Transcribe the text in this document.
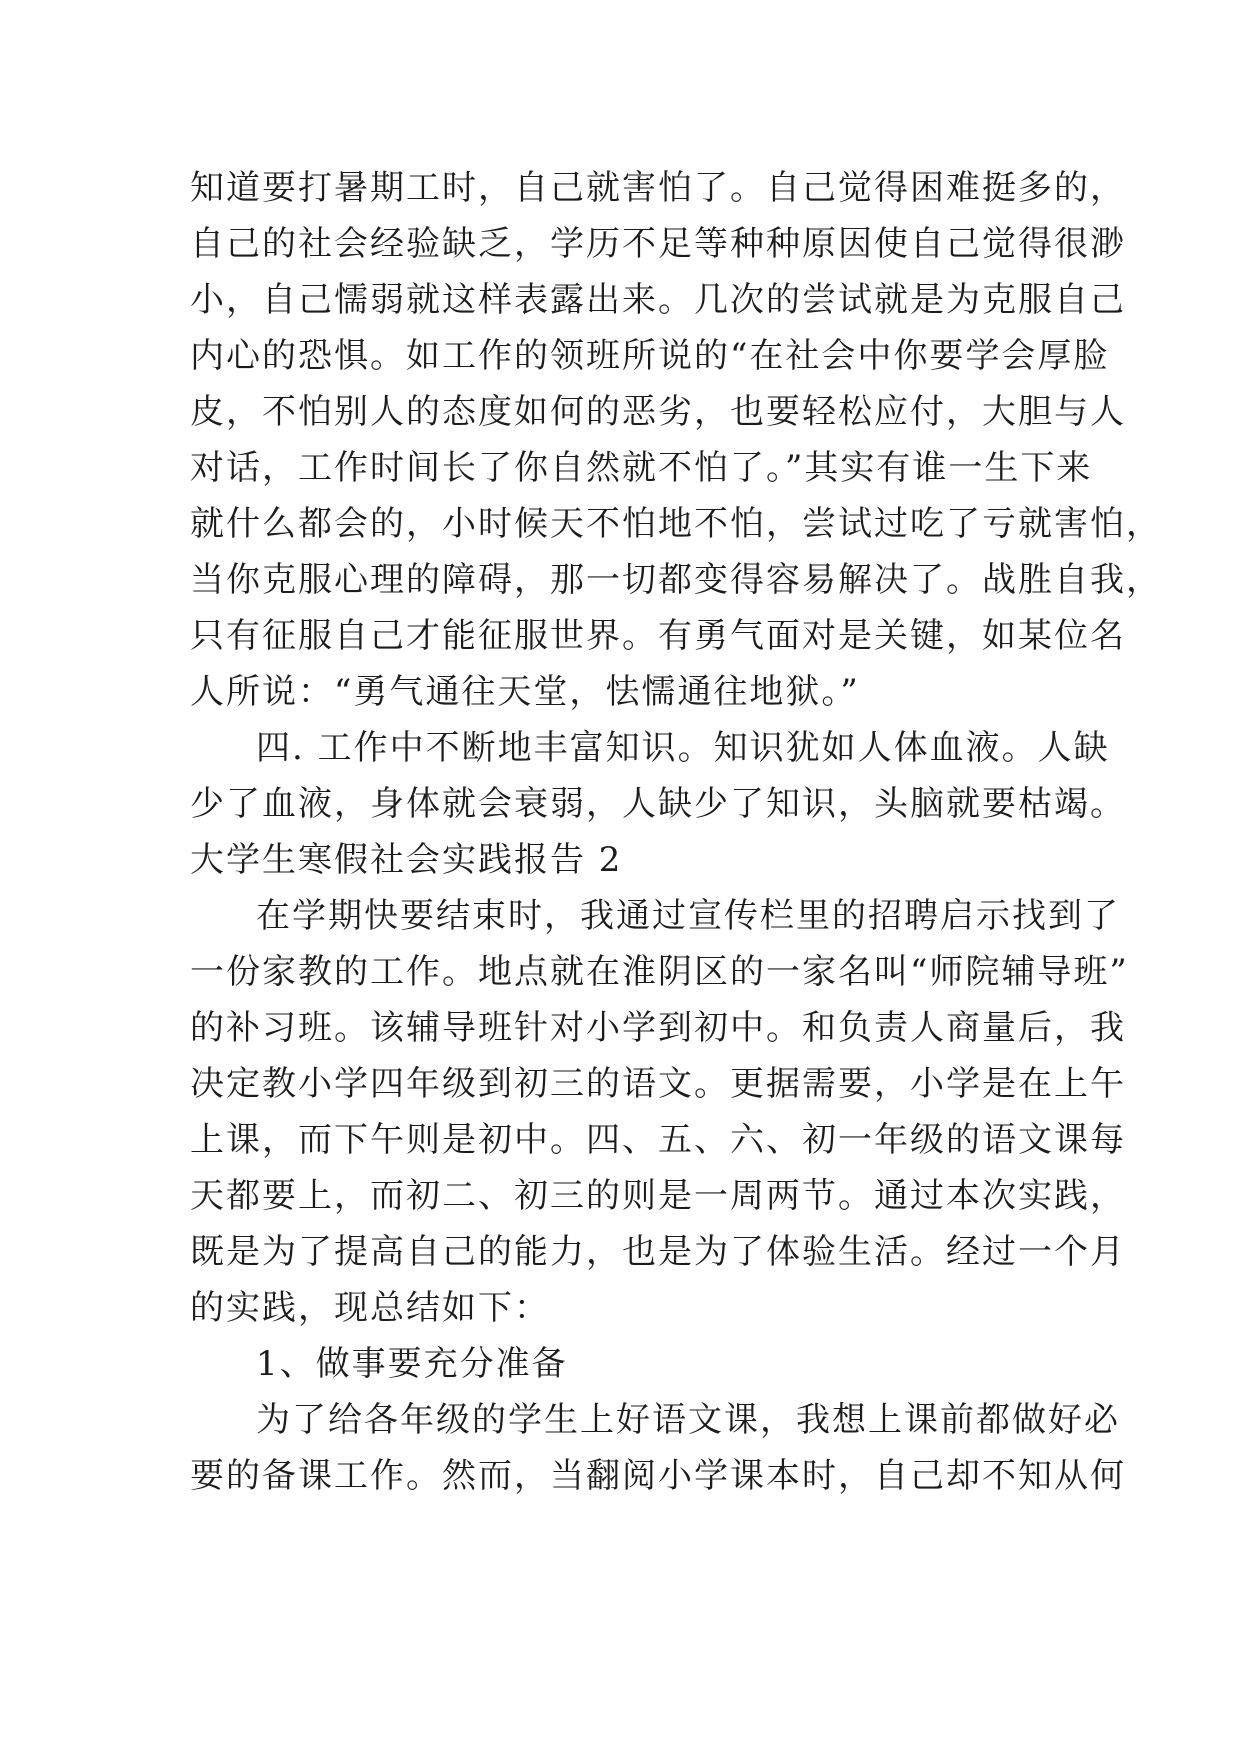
知道要打暑期工时，自己就害怕了。自己觉得困难挺多的，

自己的社会经验缺乏，学历不足等种种原因使自己觉得很渺

小，自己懦弱就这样表露出来。几次的尝试就是为克服自己

内心的恐惧。如工作的领班所说的“在社会中你要学会厚脸

皮，不怕别人的态度如何的恶劣，也要轻松应付，大胆与人

对话，工作时间长了你自然就不怕了。”其实有谁一生下来

就什么都会的，小时候天不怕地不怕，尝试过吃了亏就害怕，

当你克服心理的障碍，那一切都变得容易解决了。战胜自我，

只有征服自己才能征服世界。有勇气面对是关键，如某位名

人所说：“勇气通往天堂，怯懦通往地狱。”

四. 工作中不断地丰富知识。知识犹如人体血液。人缺

少了血液，身体就会衰弱，人缺少了知识，头脑就要枯竭。

大学生寒假社会实践报告 2

在学期快要结束时，我通过宣传栏里的招聘启示找到了

一份家教的工作。地点就在淮阴区的一家名叫“师院辅导班”

的补习班。该辅导班针对小学到初中。和负责人商量后，我

决定教小学四年级到初三的语文。更据需要，小学是在上午

上课，而下午则是初中。四、五、六、初一年级的语文课每

天都要上，而初二、初三的则是一周两节。通过本次实践，

既是为了提高自己的能力，也是为了体验生活。经过一个月

的实践，现总结如下：

1、做事要充分准备

为了给各年级的学生上好语文课，我想上课前都做好必

要的备课工作。然而，当翻阅小学课本时，自己却不知从何
